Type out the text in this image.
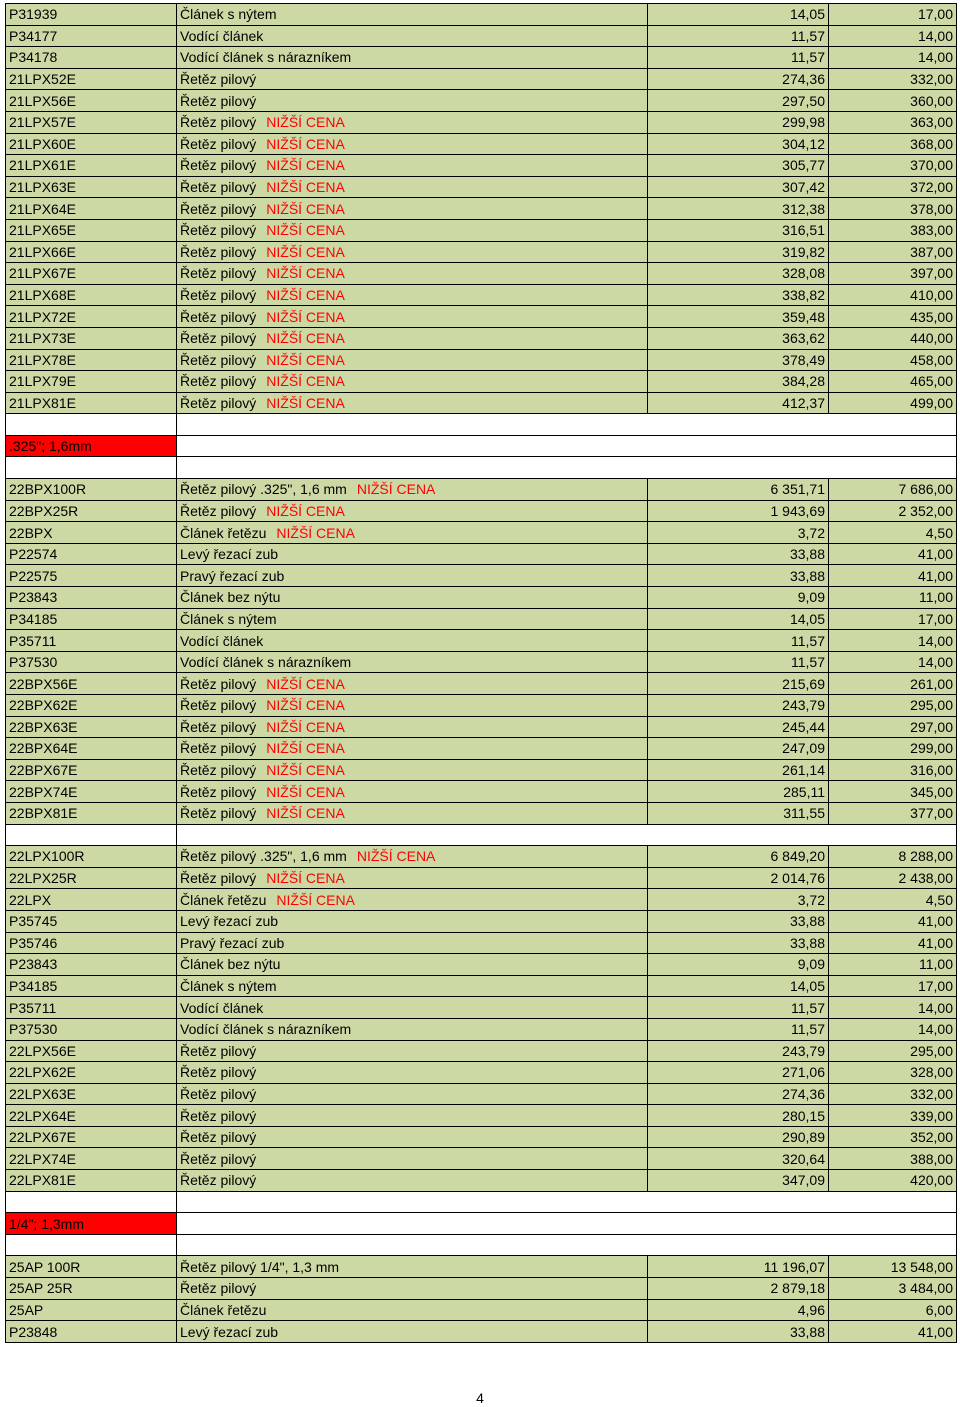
P31939	Článek s nýtem	14,05	17,00
P34177	Vodící článek	11,57	14,00
P34178	Vodící článek s nárazníkem	11,57	14,00
21LPX52E	Řetěz pilový	274,36	332,00
21LPX56E	Řetěz pilový	297,50	360,00
21LPX57E	Řetěz pilový NIŽŠÍ CENA	299,98	363,00
21LPX60E	Řetěz pilový NIŽŠÍ CENA	304,12	368,00
21LPX61E	Řetěz pilový NIŽŠÍ CENA	305,77	370,00
21LPX63E	Řetěz pilový NIŽŠÍ CENA	307,42	372,00
21LPX64E	Řetěz pilový NIŽŠÍ CENA	312,38	378,00
21LPX65E	Řetěz pilový NIŽŠÍ CENA	316,51	383,00
21LPX66E	Řetěz pilový NIŽŠÍ CENA	319,82	387,00
21LPX67E	Řetěz pilový NIŽŠÍ CENA	328,08	397,00
21LPX68E	Řetěz pilový NIŽŠÍ CENA	338,82	410,00
21LPX72E	Řetěz pilový NIŽŠÍ CENA	359,48	435,00
21LPX73E	Řetěz pilový NIŽŠÍ CENA	363,62	440,00
21LPX78E	Řetěz pilový NIŽŠÍ CENA	378,49	458,00
21LPX79E	Řetěz pilový NIŽŠÍ CENA	384,28	465,00
21LPX81E	Řetěz pilový NIŽŠÍ CENA	412,37	499,00

.325"; 1,6mm			

22BPX100R	Řetěz pilový .325", 1,6 mm NIŽŠÍ CENA	6 351,71	7 686,00
22BPX25R	Řetěz pilový NIŽŠÍ CENA	1 943,69	2 352,00
22BPX	Článek řetězu NIŽŠÍ CENA	3,72	4,50
P22574	Levý řezací zub	33,88	41,00
P22575	Pravý řezací zub	33,88	41,00
P23843	Článek bez nýtu	9,09	11,00
P34185	Článek s nýtem	14,05	17,00
P35711	Vodící článek	11,57	14,00
P37530	Vodící článek s nárazníkem	11,57	14,00
22BPX56E	Řetěz pilový NIŽŠÍ CENA	215,69	261,00
22BPX62E	Řetěz pilový NIŽŠÍ CENA	243,79	295,00
22BPX63E	Řetěz pilový NIŽŠÍ CENA	245,44	297,00
22BPX64E	Řetěz pilový NIŽŠÍ CENA	247,09	299,00
22BPX67E	Řetěz pilový NIŽŠÍ CENA	261,14	316,00
22BPX74E	Řetěz pilový NIŽŠÍ CENA	285,11	345,00
22BPX81E	Řetěz pilový NIŽŠÍ CENA	311,55	377,00

22LPX100R	Řetěz pilový .325", 1,6 mm NIŽŠÍ CENA	6 849,20	8 288,00
22LPX25R	Řetěz pilový NIŽŠÍ CENA	2 014,76	2 438,00
22LPX	Článek řetězu NIŽŠÍ CENA	3,72	4,50
P35745	Levý řezací zub	33,88	41,00
P35746	Pravý řezací zub	33,88	41,00
P23843	Článek bez nýtu	9,09	11,00
P34185	Článek s nýtem	14,05	17,00
P35711	Vodící článek	11,57	14,00
P37530	Vodící článek s nárazníkem	11,57	14,00
22LPX56E	Řetěz pilový	243,79	295,00
22LPX62E	Řetěz pilový	271,06	328,00
22LPX63E	Řetěz pilový	274,36	332,00
22LPX64E	Řetěz pilový	280,15	339,00
22LPX67E	Řetěz pilový	290,89	352,00
22LPX74E	Řetěz pilový	320,64	388,00
22LPX81E	Řetěz pilový	347,09	420,00

1/4"; 1,3mm			

25AP 100R	Řetěz pilový 1/4", 1,3 mm	11 196,07	13 548,00
25AP 25R	Řetěz pilový	2 879,18	3 484,00
25AP	Článek řetězu	4,96	6,00
P23848	Levý řezací zub	33,88	41,00
4
